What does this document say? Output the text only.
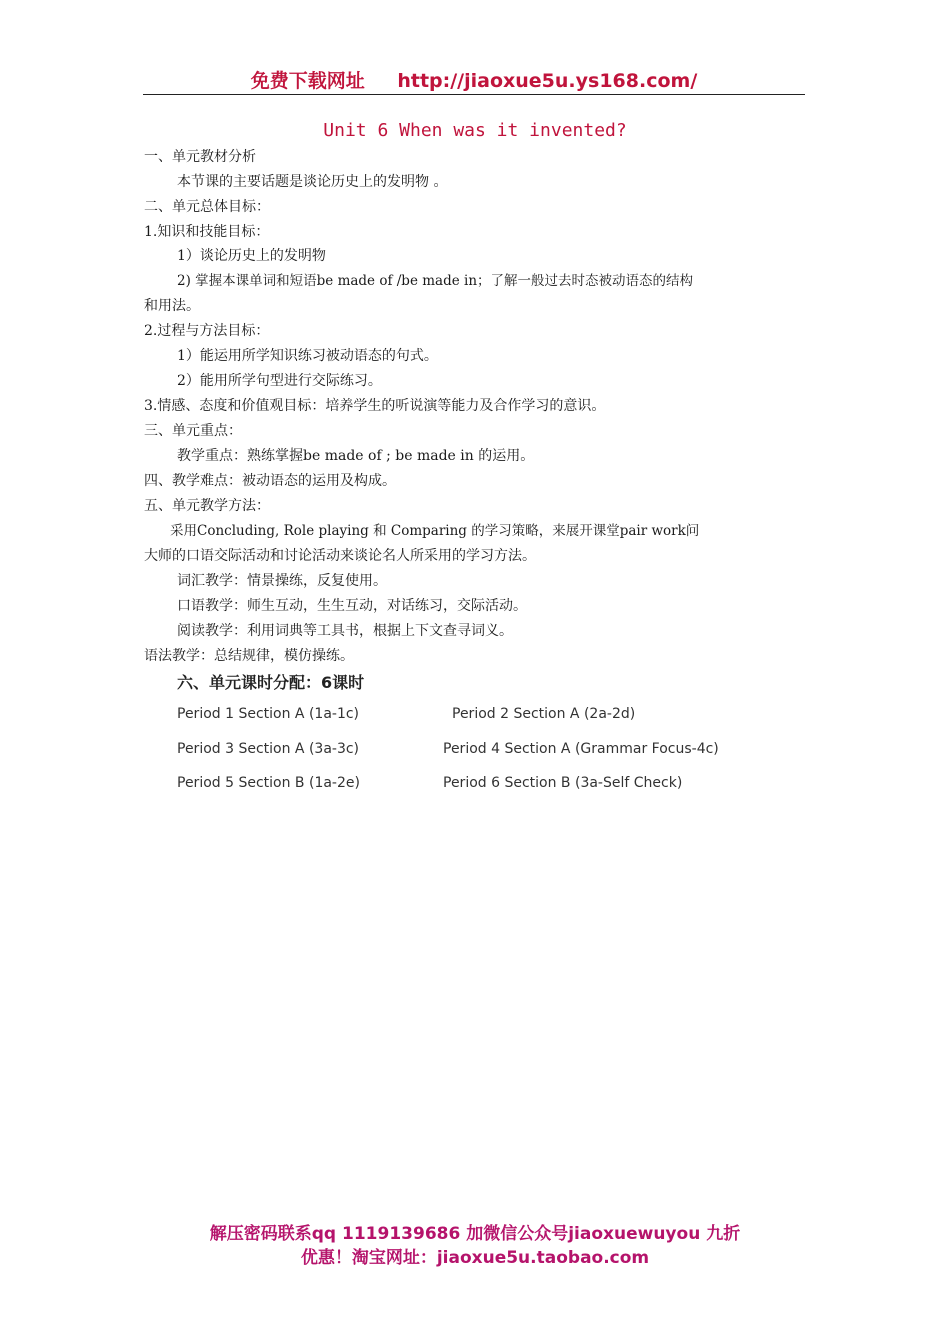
免费下载网址 http://jiaoxue5u.ys168.com/
Unit 6 When was it invented?
一、单元教材分析
本节课的主要话题是谈论历史上的发明物 。
二、单元总体目标：
1.知识和技能目标：
1）谈论历史上的发明物
2) 掌握本课单词和短语be made of /be made in；了解一般过去时态被动语态的结构
和用法。
2.过程与方法目标：
1）能运用所学知识练习被动语态的句式。
2）能用所学句型进行交际练习。
3.情感、态度和价值观目标：培养学生的听说演等能力及合作学习的意识。
三、单元重点：
教学重点：熟练掌握be made of ; be made in 的运用。
四、教学难点：被动语态的运用及构成。
五、单元教学方法：
采用Concluding, Role playing 和 Comparing 的学习策略，来展开课堂pair work问
大师的口语交际活动和讨论活动来谈论名人所采用的学习方法。
词汇教学：情景操练，反复使用。
口语教学：师生互动，生生互动，对话练习，交际活动。
阅读教学：利用词典等工具书，根据上下文查寻词义。
语法教学：总结规律，模仿操练。
六、单元课时分配：6课时
Period 1 Section A (1a-1c)	Period 2 Section A (2a-2d)
Period 3 Section A (3a-3c)	Period 4 Section A (Grammar Focus-4c)
Period 5 Section B (1a-2e)	Period 6 Section B (3a-Self Check)
解压密码联系qq 1119139686 加微信公众号jiaoxuewuyou 九折
优惠！淘宝网址：jiaoxue5u.taobao.com
